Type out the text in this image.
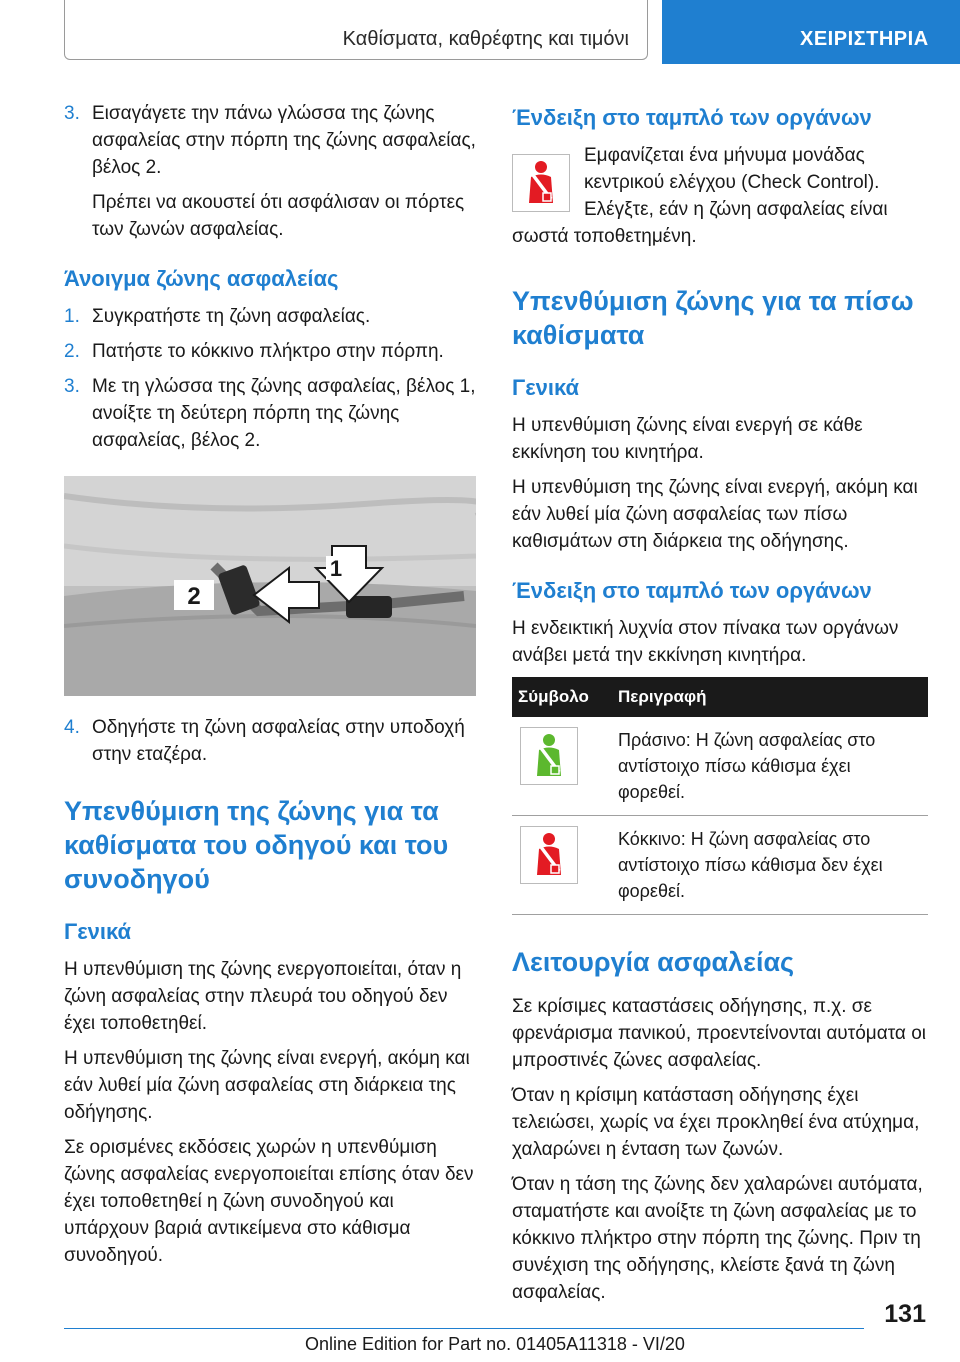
Καθίσματα, καθρέφτης και τιμόνι	ΧΕΙΡΙΣΤΗΡΙΑ
3. Εισαγάγετε την πάνω γλώσσα της ζώνης ασφαλείας στην πόρπη της ζώνης ασφαλείας, βέλος 2.
Πρέπει να ακουστεί ότι ασφάλισαν οι πόρτες των ζωνών ασφαλείας.
Άνοιγμα ζώνης ασφαλείας
1. Συγκρατήστε τη ζώνη ασφαλείας.
2. Πατήστε το κόκκινο πλήκτρο στην πόρπη.
3. Με τη γλώσσα της ζώνης ασφαλείας, βέλος 1, ανοίξτε τη δεύτερη πόρπη της ζώνης ασφαλείας, βέλος 2.
1
2
4. Οδηγήστε τη ζώνη ασφαλείας στην υποδοχή στην εταζέρα.
Υπενθύμιση της ζώνης για τα καθίσματα του οδηγού και του συνοδηγού
Γενικά

Η υπενθύμιση της ζώνης ενεργοποιείται, όταν η ζώνη ασφαλείας στην πλευρά του οδηγού δεν έχει τοποθετηθεί.

Η υπενθύμιση της ζώνης είναι ενεργή, ακόμη και εάν λυθεί μία ζώνη ασφαλείας στη διάρκεια της οδήγησης.

Σε ορισμένες εκδόσεις χωρών η υπενθύμιση ζώνης ασφαλείας ενεργοποιείται επίσης όταν δεν έχει τοποθετηθεί η ζώνη συνοδηγού και υπάρχουν βαριά αντικείμενα στο κάθισμα συνοδηγού.

Ένδειξη στο ταμπλό των οργάνων

Εμφανίζεται ένα μήνυμα μονάδας κεντρικού ελέγχου (Check Control). Ελέγξτε, εάν η ζώνη ασφαλείας είναι σωστά τοποθετημένη.

Υπενθύμιση ζώνης για τα πίσω καθίσματα
Γενικά

Η υπενθύμιση ζώνης είναι ενεργή σε κάθε εκκίνηση του κινητήρα.

Η υπενθύμιση της ζώνης είναι ενεργή, ακόμη και εάν λυθεί μία ζώνη ασφαλείας των πίσω καθισμάτων στη διάρκεια της οδήγησης.

Ένδειξη στο ταμπλό των οργάνων

Η ενδεικτική λυχνία στον πίνακα των οργάνων ανάβει μετά την εκκίνηση κινητήρα.

Σύμβολο	Περιγραφή

	Πράσινο: Η ζώνη ασφαλείας στο αντίστοιχο πίσω κάθισμα έχει φορεθεί.

	Κόκκινο: Η ζώνη ασφαλείας στο αντίστοιχο πίσω κάθισμα δεν έχει φορεθεί.
Λειτουργία ασφαλείας

Σε κρίσιμες καταστάσεις οδήγησης, π.χ. σε φρενάρισμα πανικού, προεντείνονται αυτόματα οι μπροστινές ζώνες ασφαλείας.

Όταν η κρίσιμη κατάσταση οδήγησης έχει τελειώσει, χωρίς να έχει προκληθεί ένα ατύχημα, χαλαρώνει η ένταση των ζωνών.

Όταν η τάση της ζώνης δεν χαλαρώνει αυτόματα, σταματήστε και ανοίξτε τη ζώνη ασφαλείας με το κόκκινο πλήκτρο στην πόρπη της ζώνης. Πριν τη συνέχιση της οδήγησης, κλείστε ξανά τη ζώνη ασφαλείας.

131
Online Edition for Part no. 01405A11318 - VI/20
